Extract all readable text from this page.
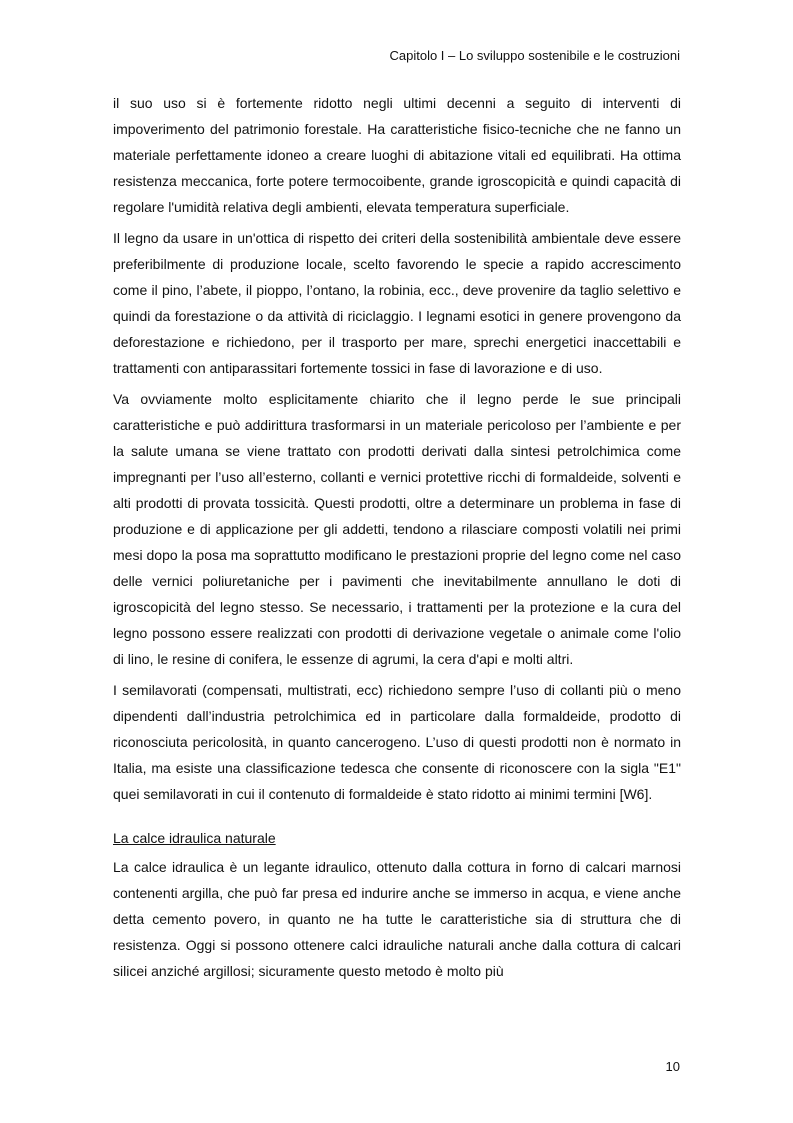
Capitolo I – Lo sviluppo sostenibile e le costruzioni

il suo uso si è fortemente ridotto negli ultimi decenni a seguito di interventi di impoverimento del patrimonio forestale. Ha caratteristiche fisico-tecniche che ne fanno un materiale perfettamente idoneo a creare luoghi di abitazione vitali ed equilibrati. Ha ottima resistenza meccanica, forte potere termocoibente, grande igroscopicità e quindi capacità di regolare l'umidità relativa degli ambienti, elevata temperatura superficiale.

Il legno da usare in un'ottica di rispetto dei criteri della sostenibilità ambientale deve essere preferibilmente di produzione locale, scelto favorendo le specie a rapido accrescimento come il pino, l’abete, il pioppo, l’ontano, la robinia, ecc., deve provenire da taglio selettivo e quindi da forestazione o da attività di riciclaggio. I legnami esotici in genere provengono da deforestazione e richiedono, per il trasporto per mare, sprechi energetici inaccettabili e trattamenti con antiparassitari fortemente tossici in fase di lavorazione e di uso.

Va ovviamente molto esplicitamente chiarito che il legno perde le sue principali caratteristiche e può addirittura trasformarsi in un materiale pericoloso per l’ambiente e per la salute umana se viene trattato con prodotti derivati dalla sintesi petrolchimica come impregnanti per l’uso all’esterno, collanti e vernici protettive ricchi di formaldeide, solventi e alti prodotti di provata tossicità. Questi prodotti, oltre a determinare un problema in fase di produzione e di applicazione per gli addetti, tendono a rilasciare composti volatili nei primi mesi dopo la posa ma soprattutto modificano le prestazioni proprie del legno come nel caso delle vernici poliuretaniche per i pavimenti che inevitabilmente annullano le doti di igroscopicità del legno stesso. Se necessario, i trattamenti per la protezione e la cura del legno possono essere realizzati con prodotti di derivazione vegetale o animale come l'olio di lino, le resine di conifera, le essenze di agrumi, la cera d'api e molti altri.

I semilavorati (compensati, multistrati, ecc) richiedono sempre l’uso di collanti più o meno dipendenti dall’industria petrolchimica ed in particolare dalla formaldeide, prodotto di riconosciuta pericolosità, in quanto cancerogeno. L’uso di questi prodotti non è normato in Italia, ma esiste una classificazione tedesca che consente di riconoscere con la sigla "E1" quei semilavorati in cui il contenuto di formaldeide è stato ridotto ai minimi termini [W6].

La calce idraulica naturale

La calce idraulica è un legante idraulico, ottenuto dalla cottura in forno di calcari marnosi contenenti argilla, che può far presa ed indurire anche se immerso in acqua, e viene anche detta cemento povero, in quanto ne ha tutte le caratteristiche sia di struttura che di resistenza. Oggi si possono ottenere calci idrauliche naturali anche dalla cottura di calcari silicei anziché argillosi; sicuramente questo metodo è molto più

10
